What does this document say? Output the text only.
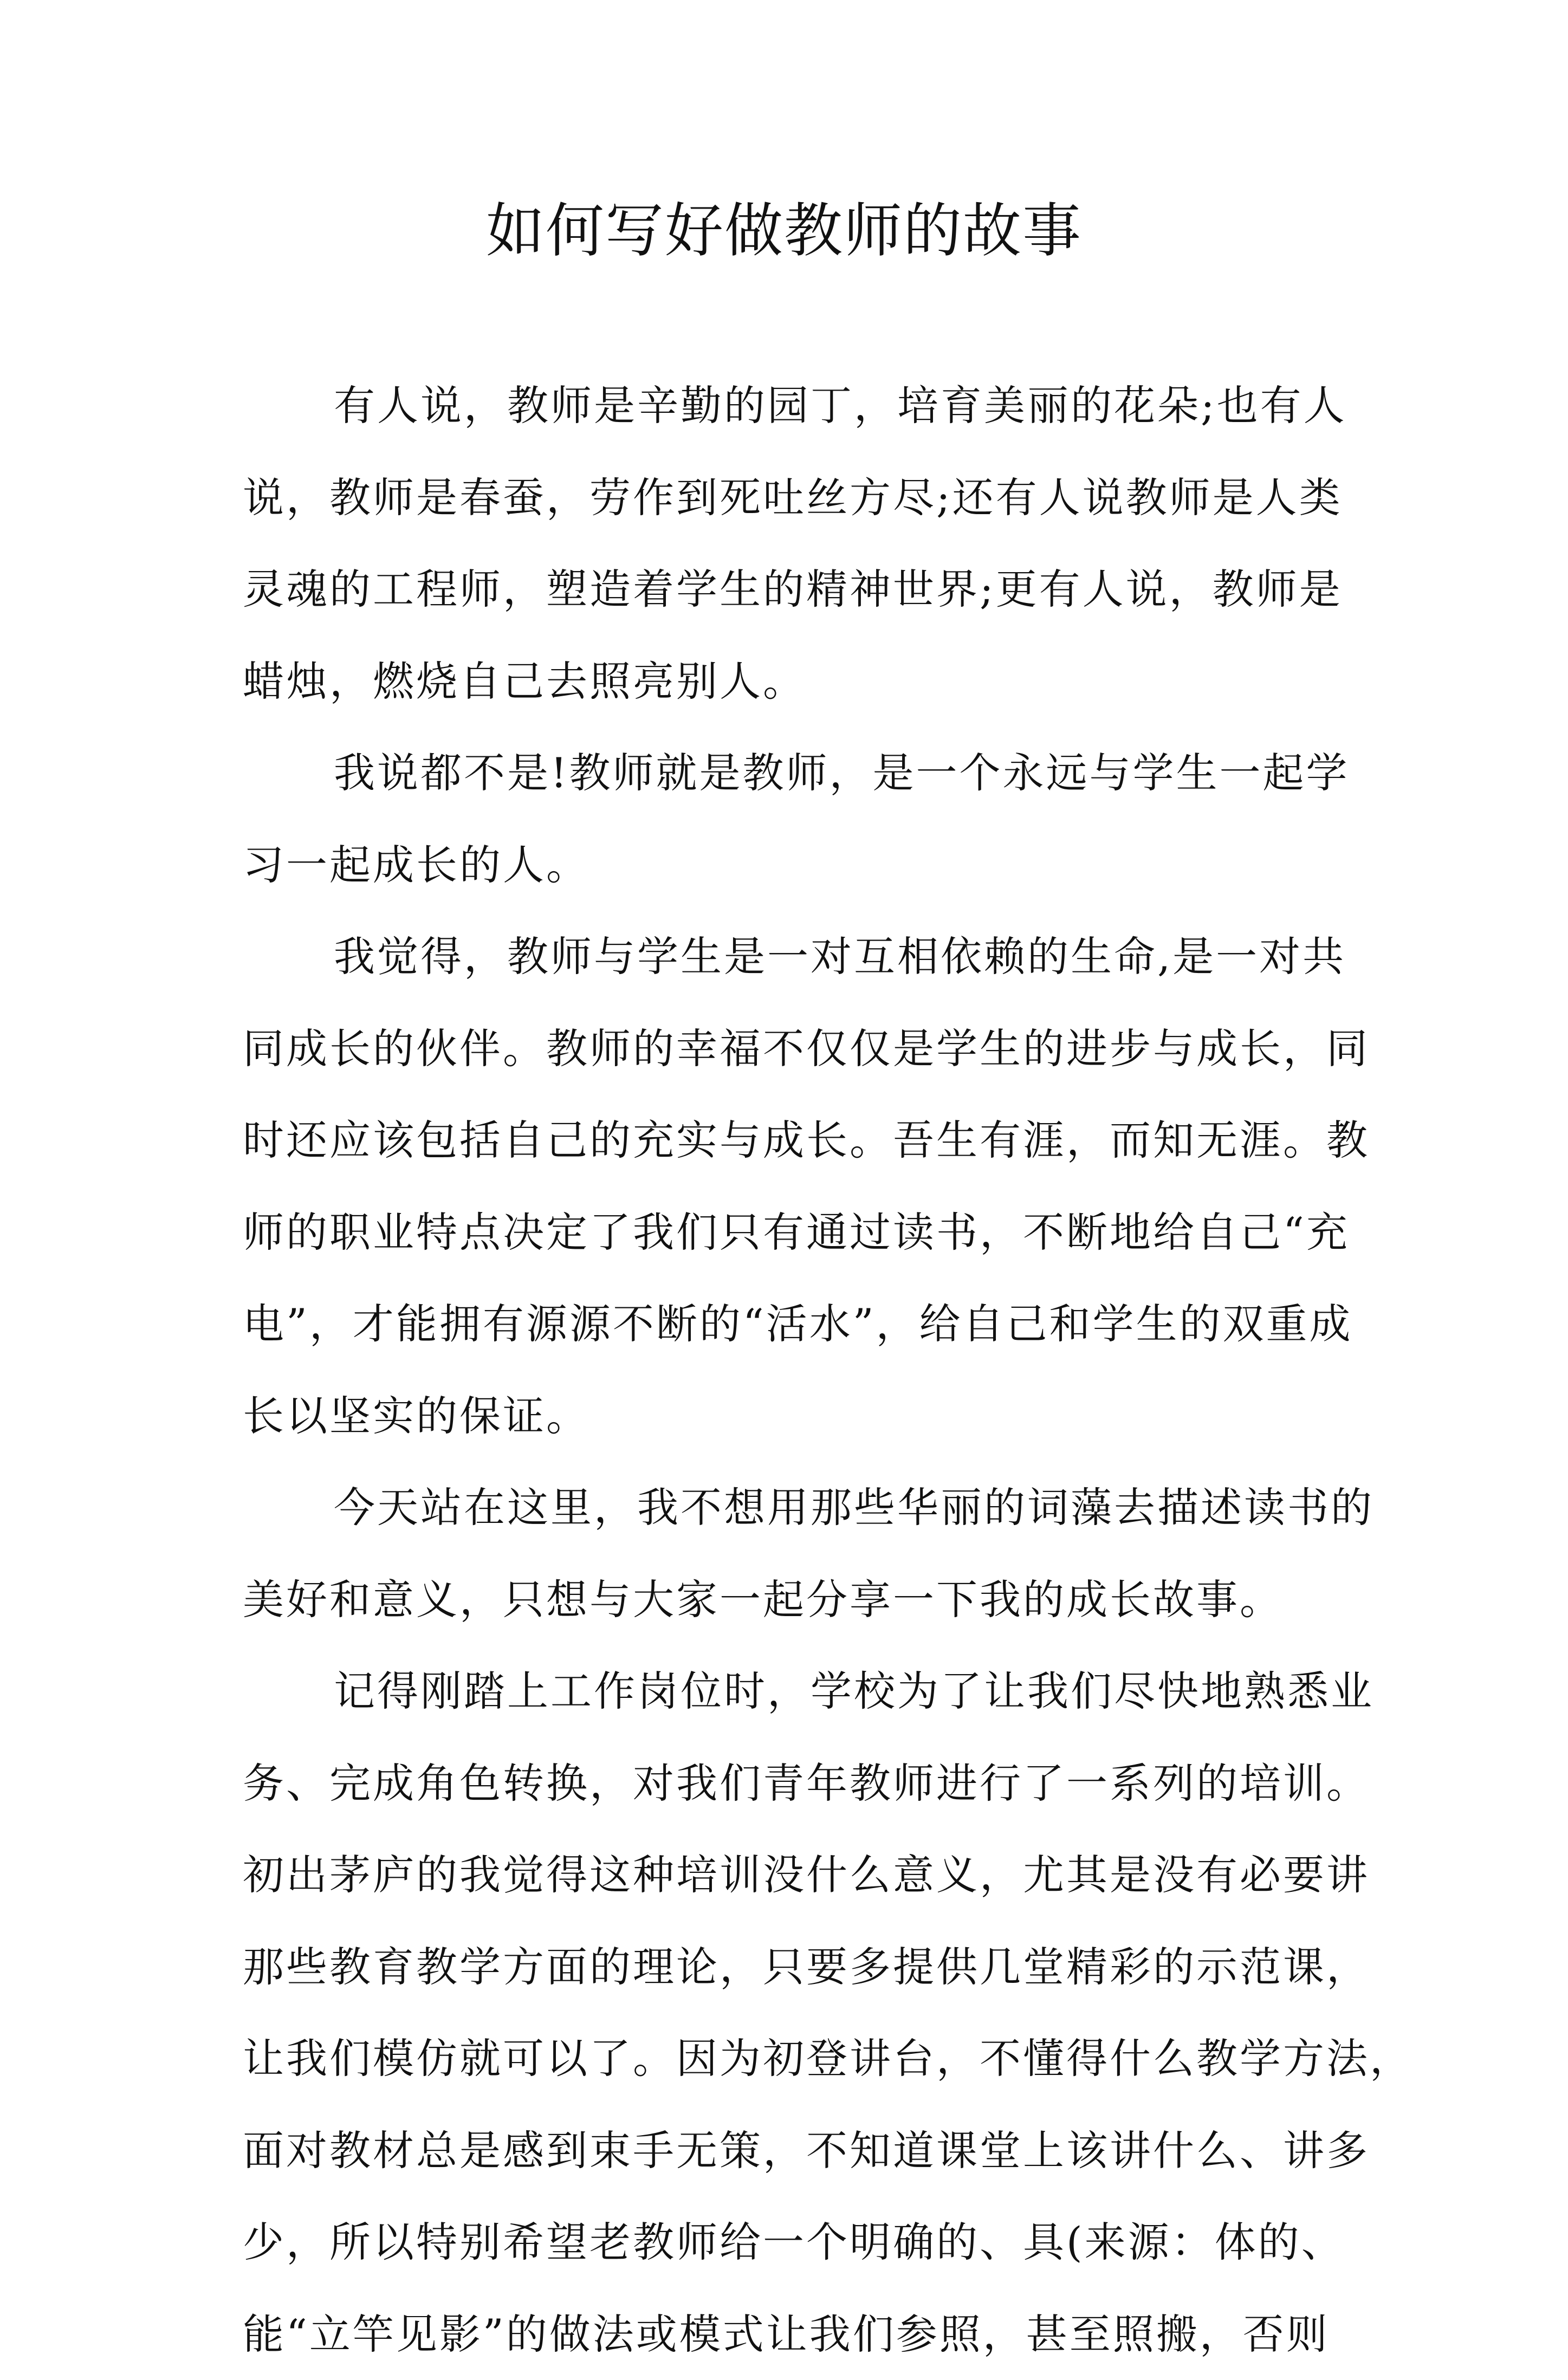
如何写好做教师的故事
有人说，教师是辛勤的园丁，培育美丽的花朵;也有人
说，教师是春蚕，劳作到死吐丝方尽;还有人说教师是人类
灵魂的工程师，塑造着学生的精神世界;更有人说，教师是
蜡烛，燃烧自己去照亮别人。
我说都不是!教师就是教师，是一个永远与学生一起学
习一起成长的人。
我觉得，教师与学生是一对互相依赖的生命,是一对共
同成长的伙伴。教师的幸福不仅仅是学生的进步与成长，同
时还应该包括自己的充实与成长。吾生有涯，而知无涯。教
师的职业特点决定了我们只有通过读书，不断地给自己“充
电”，才能拥有源源不断的“活水”，给自己和学生的双重成
长以坚实的保证。
今天站在这里，我不想用那些华丽的词藻去描述读书的
美好和意义，只想与大家一起分享一下我的成长故事。
记得刚踏上工作岗位时，学校为了让我们尽快地熟悉业
务、完成角色转换，对我们青年教师进行了一系列的培训。
初出茅庐的我觉得这种培训没什么意义，尤其是没有必要讲
那些教育教学方面的理论，只要多提供几堂精彩的示范课，
让我们模仿就可以了。因为初登讲台，不懂得什么教学方法，
面对教材总是感到束手无策，不知道课堂上该讲什么、讲多
少，所以特别希望老教师给一个明确的、具(来源：体的、
能“立竿见影”的做法或模式让我们参照，甚至照搬，否则
